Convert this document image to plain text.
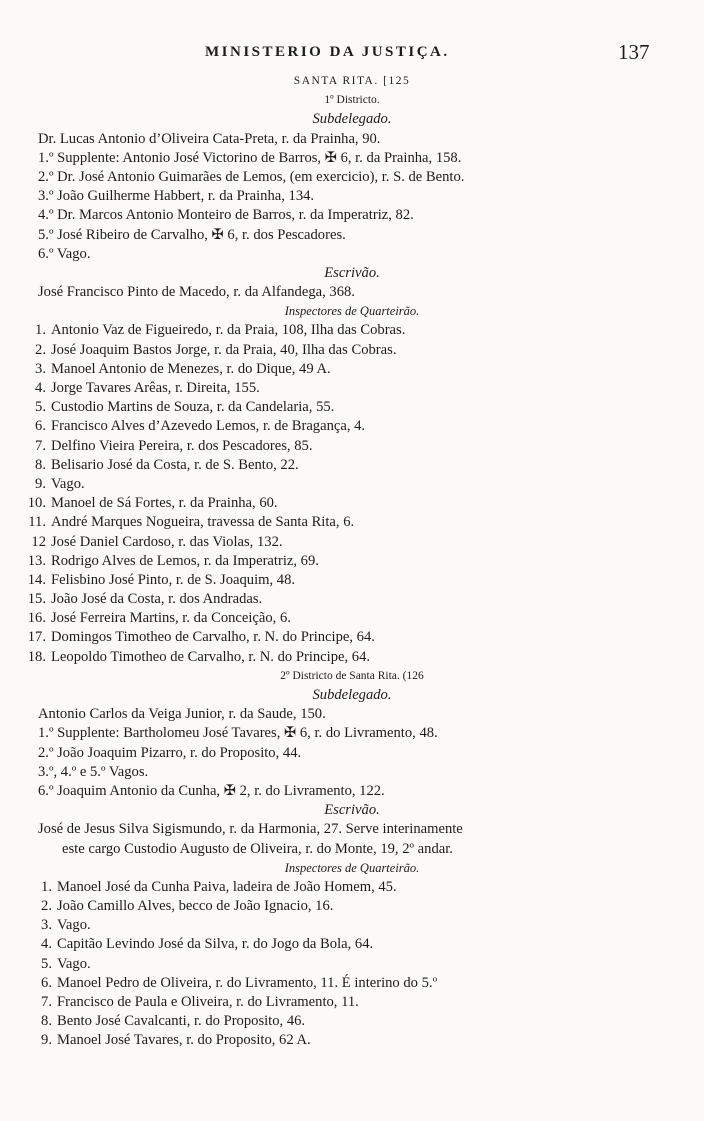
MINISTERIO DA JUSTIÇA.	137
SANTA RITA. [125
1º Districto.
Subdelegado.
Dr. Lucas Antonio d’Oliveira Cata-Preta, r. da Prainha, 90.
1.º Supplente: Antonio José Victorino de Barros, ✠ 6, r. da Prainha, 158.
2.º Dr. José Antonio Guimarães de Lemos, (em exercicio), r. S. de Bento.
3.º João Guilherme Habbert, r. da Prainha, 134.
4.º Dr. Marcos Antonio Monteiro de Barros, r. da Imperatriz, 82.
5.º José Ribeiro de Carvalho, ✠ 6, r. dos Pescadores.
6.º Vago.
Escrivão.
José Francisco Pinto de Macedo, r. da Alfandega, 368.
Inspectores de Quarteirão.
1. Antonio Vaz de Figueiredo, r. da Praia, 108, Ilha das Cobras.
2. José Joaquim Bastos Jorge, r. da Praia, 40, Ilha das Cobras.
3. Manoel Antonio de Menezes, r. do Dique, 49 A.
4. Jorge Tavares Arêas, r. Direita, 155.
5. Custodio Martins de Souza, r. da Candelaria, 55.
6. Francisco Alves d’Azevedo Lemos, r. de Bragança, 4.
7. Delfino Vieira Pereira, r. dos Pescadores, 85.
8. Belisario José da Costa, r. de S. Bento, 22.
9. Vago.
10. Manoel de Sá Fortes, r. da Prainha, 60.
11. André Marques Nogueira, travessa de Santa Rita, 6.
12 José Daniel Cardoso, r. das Violas, 132.
13. Rodrigo Alves de Lemos, r. da Imperatriz, 69.
14. Felisbino José Pinto, r. de S. Joaquim, 48.
15. João José da Costa, r. dos Andradas.
16. José Ferreira Martins, r. da Conceição, 6.
17. Domingos Timotheo de Carvalho, r. N. do Principe, 64.
18. Leopoldo Timotheo de Carvalho, r. N. do Principe, 64.
2º Districto de Santa Rita. (126
Subdelegado.
Antonio Carlos da Veiga Junior, r. da Saude, 150.
1.º Supplente: Bartholomeu José Tavares, ✠ 6, r. do Livramento, 48.
2.º João Joaquim Pizarro, r. do Proposito, 44.
3.º, 4.º e 5.º Vagos.
6.º Joaquim Antonio da Cunha, ✠ 2, r. do Livramento, 122.
Escrivão.
José de Jesus Silva Sigismundo, r. da Harmonia, 27. Serve interinamente
este cargo Custodio Augusto de Oliveira, r. do Monte, 19, 2º andar.
Inspectores de Quarteirão.
1. Manoel José da Cunha Paiva, ladeira de João Homem, 45.
2. João Camillo Alves, becco de João Ignacio, 16.
3. Vago.
4. Capitão Levindo José da Silva, r. do Jogo da Bola, 64.
5. Vago.
6. Manoel Pedro de Oliveira, r. do Livramento, 11. É interino do 5.º
7. Francisco de Paula e Oliveira, r. do Livramento, 11.
8. Bento José Cavalcanti, r. do Proposito, 46.
9. Manoel José Tavares, r. do Proposito, 62 A.
